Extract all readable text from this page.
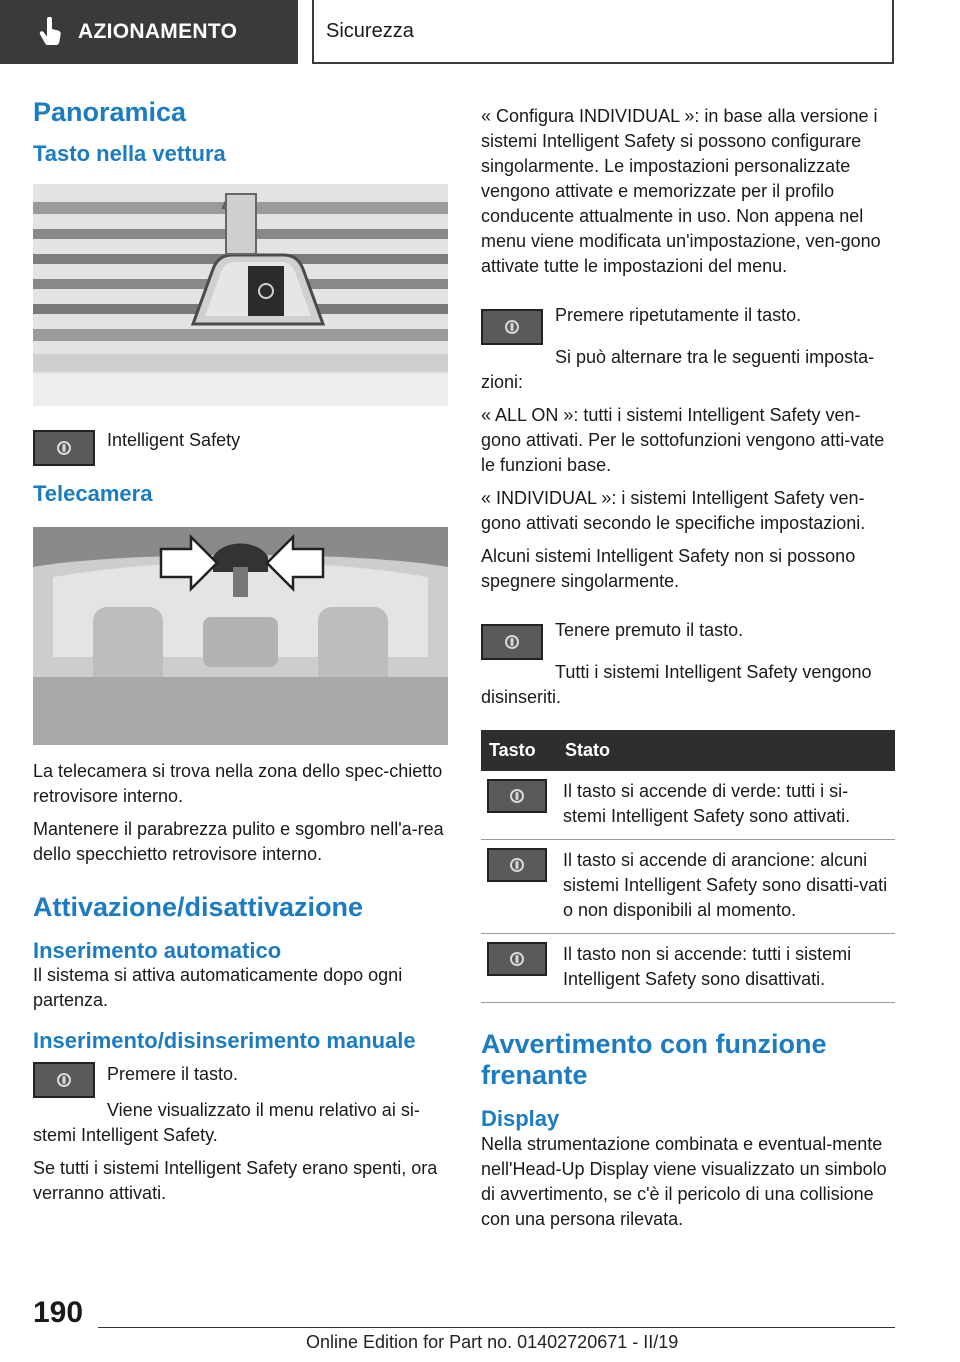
AZIONAMENTO	Sicurezza
Panoramica
Tasto nella vettura

Intelligent Safety

Telecamera

La telecamera si trova nella zona dello spec-chietto retrovisore interno.

Mantenere il parabrezza pulito e sgombro nell'a-rea dello specchietto retrovisore interno.

Attivazione/disattivazione
Inserimento automatico

Il sistema si attiva automaticamente dopo ogni partenza.

Inserimento/disinserimento manuale

Premere il tasto.

Viene visualizzato il menu relativo ai si-stemi Intelligent Safety.

Se tutti i sistemi Intelligent Safety erano spenti, ora verranno attivati.

« Configura INDIVIDUAL »: in base alla versione i sistemi Intelligent Safety si possono configurare singolarmente. Le impostazioni personalizzate vengono attivate e memorizzate per il profilo conducente attualmente in uso. Non appena nel menu viene modificata un'impostazione, ven-gono attivate tutte le impostazioni del menu.

Premere ripetutamente il tasto.

Si può alternare tra le seguenti imposta-zioni:

« ALL ON »: tutti i sistemi Intelligent Safety ven-gono attivati. Per le sottofunzioni vengono atti-vate le funzioni base.

« INDIVIDUAL »: i sistemi Intelligent Safety ven-gono attivati secondo le specifiche impostazioni.

Alcuni sistemi Intelligent Safety non si possono spegnere singolarmente.

Tenere premuto il tasto.

Tutti i sistemi Intelligent Safety vengono disinseriti.

Tasto	Stato

	Il tasto si accende di verde: tutti i si-stemi Intelligent Safety sono attivati.

	Il tasto si accende di arancione: alcuni sistemi Intelligent Safety sono disatti-vati o non disponibili al momento.

	Il tasto non si accende: tutti i sistemi Intelligent Safety sono disattivati.
Avvertimento con funzione frenante
Display

Nella strumentazione combinata e eventual-mente nell'Head-Up Display viene visualizzato un simbolo di avvertimento, se c'è il pericolo di una collisione con una persona rilevata.

190
Online Edition for Part no. 01402720671 - II/19
